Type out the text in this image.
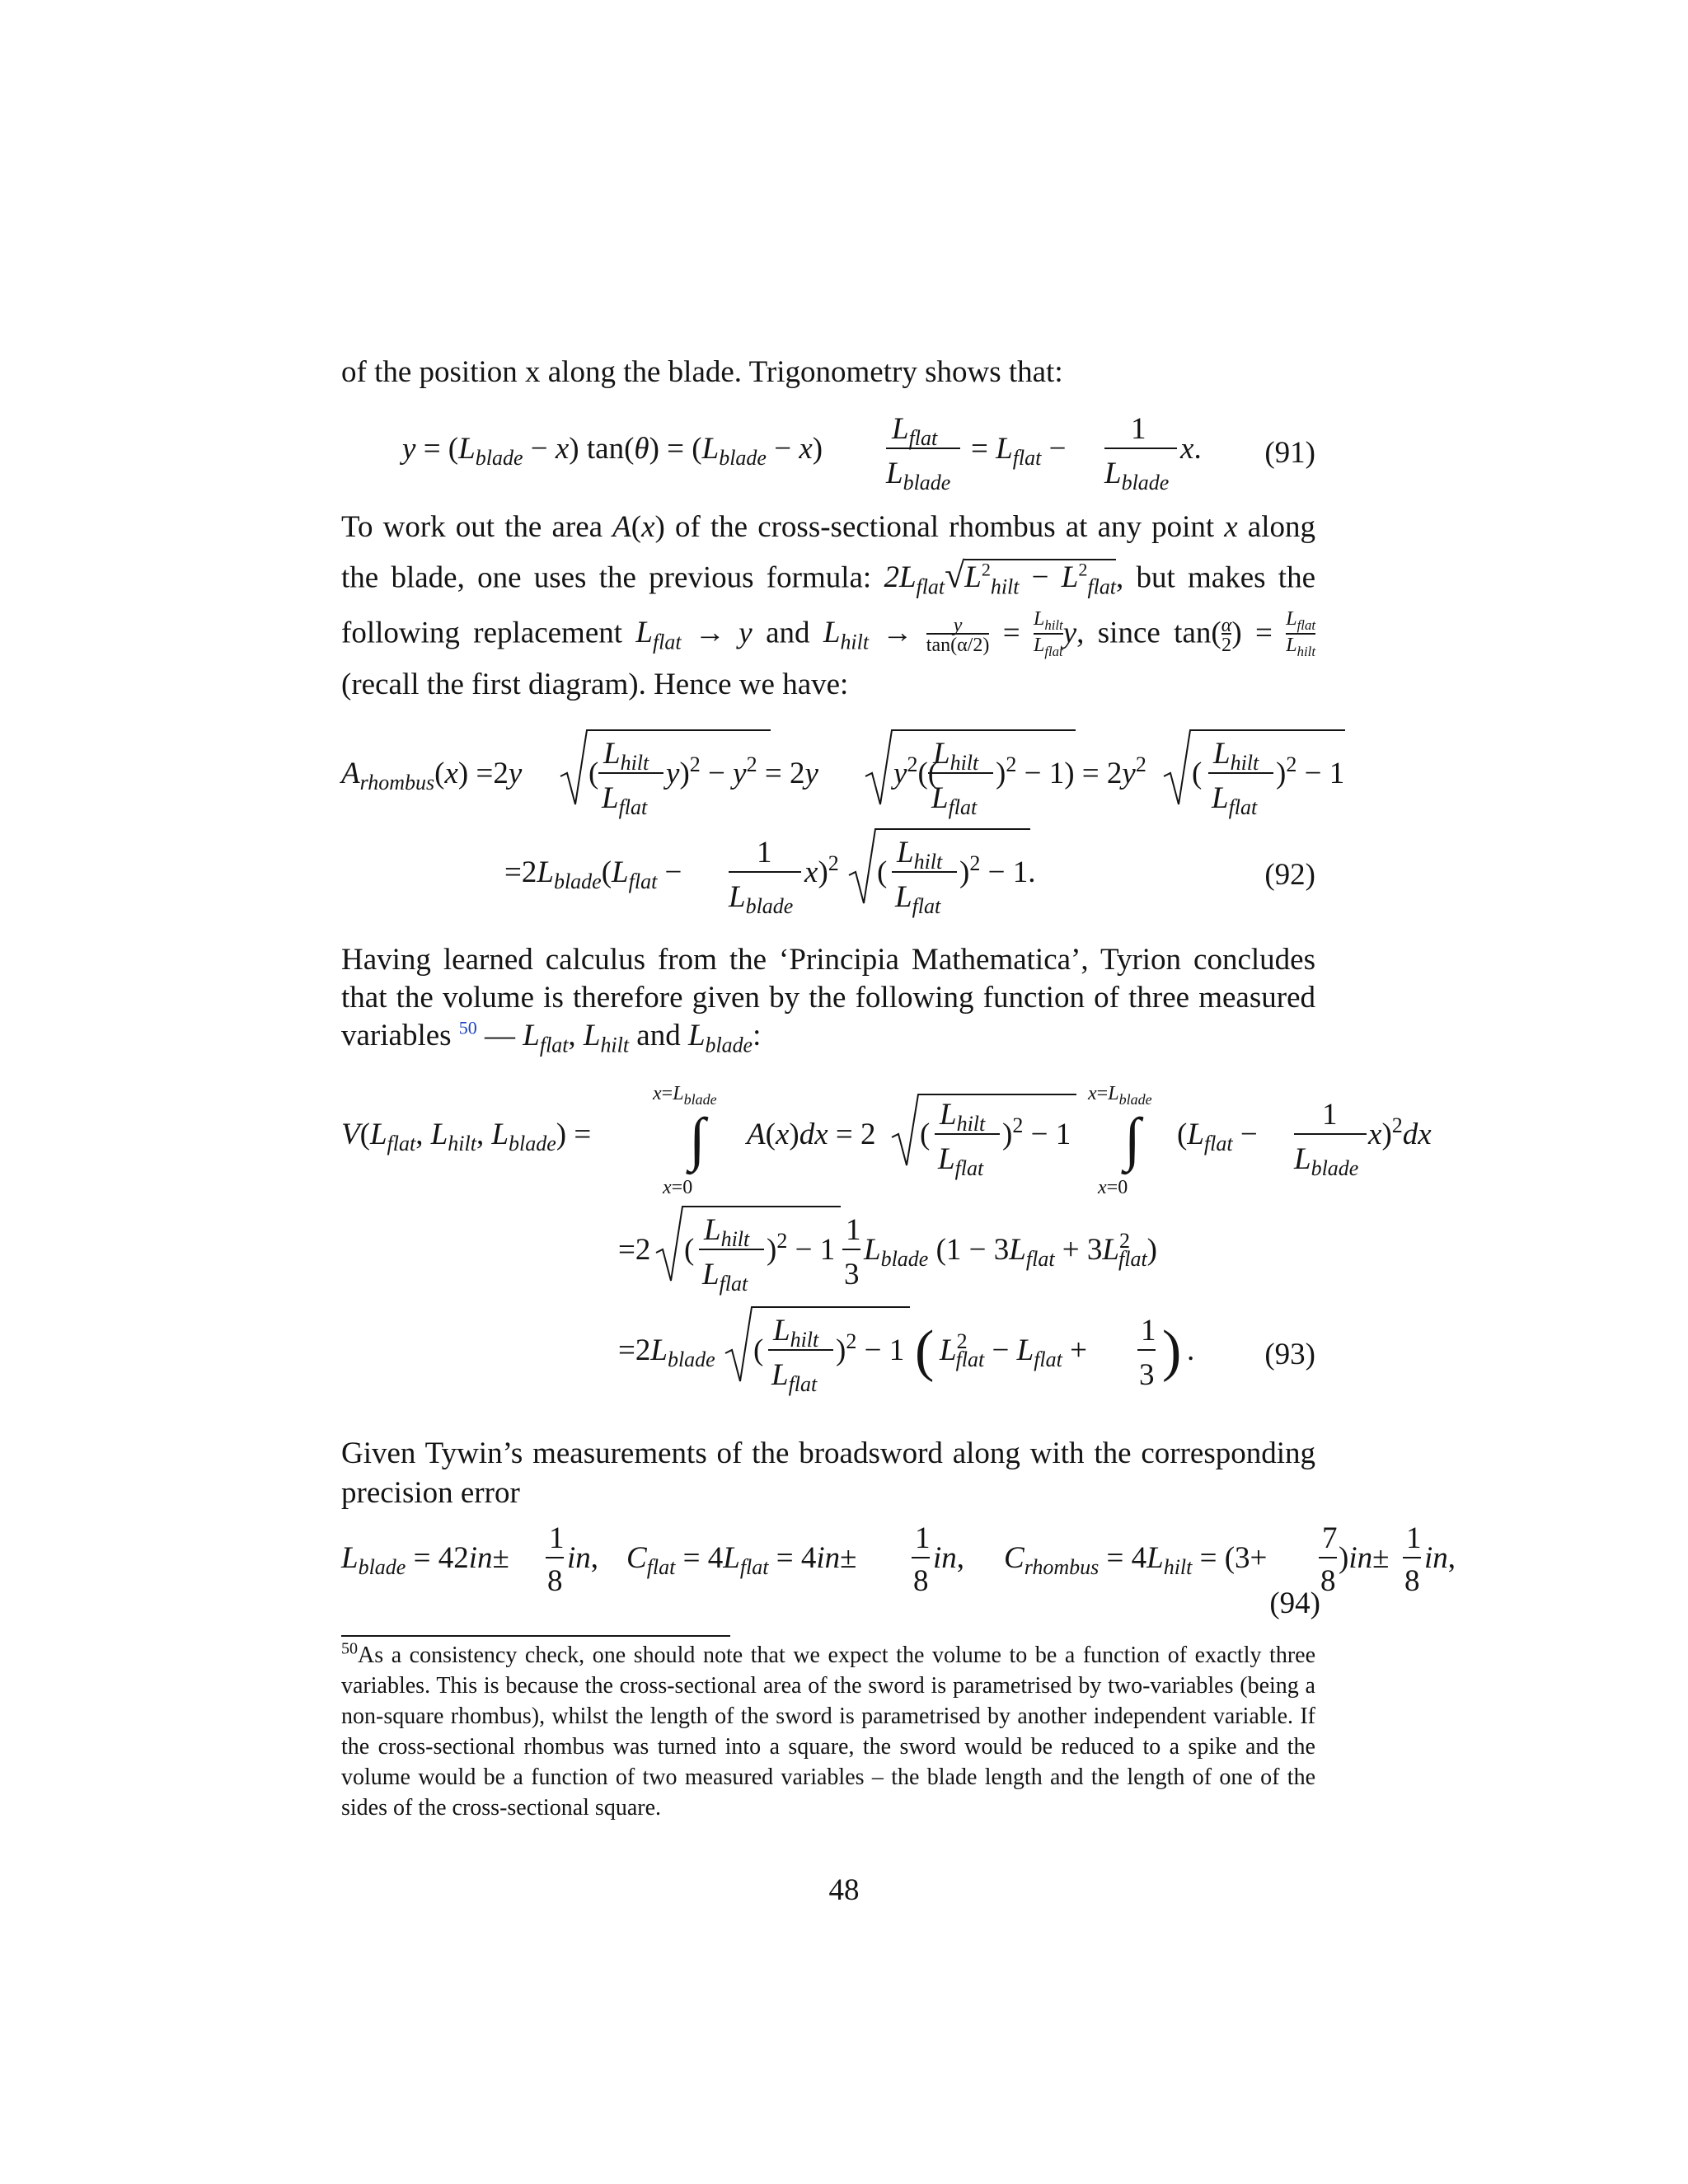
of the position x along the blade. Trigonometry shows that:
$y = (L_{blade} - x) \tan(\theta) = (L_{blade} - x)$
$L_{flat}$
$L_{blade}$
= $L_{flat}$ −
1
$L_{blade}$
x. (91)
To work out the area A(x) of the cross-sectional rhombus at any point x along the blade, one uses the previous formula: $2L_{flat}√L^2_{hilt} - L^2_{flat}$, but makes the following replacement $L_{flat} \to y$ and $L_{hilt} \to \frac{y}{\tan(\alpha/2)} = L_{hilt}$
$L_{flat}y$, since $\tan(\frac{\alpha}{2}) = L_{flat}$
$L_{hilt}$ (recall the first diagram). Hence we have:
$A_{rhombus}(x) =2y$ (
$L_{hilt}$
$L_{flat}$
$y)^2 - y^2 = 2y$ $y^2$((
$L_{hilt}$
$L_{flat}$
)$^2 - 1) = 2y^2$ (
$L_{hilt}$
$L_{flat}$
)$^2$ − 1
$=2L_{blade}(L_{flat}$ −
1
$L_{blade}$
x)$^2$ (
$L_{hilt}$
$L_{flat}$
)$^2$ − 1.	(92)
Having learned calculus from the ‘Principia Mathematica’, Tyrion concludes that the volume is therefore given by the following function of three measured variables $^{50}$ — $L_{flat}$, $L_{hilt}$ and $L_{blade}$:
$V(L_{flat}$, $L_{hilt}$, $L_{blade}$) =
$x=L_{blade}$
∫
x=0
A(x)dx = 2 (
$L_{hilt}$
$L_{flat}$
)$^2$ − 1
$x=L_{blade}$
∫
x=0
($L_{flat}$ −
1
$L_{blade}$
x)$^2$dx
=2 (
$L_{hilt}$
$L_{flat}$
)$^2$ − 1
1
3
$L_{blade}$ ($1 - 3L_{flat} + 3L^2$ flat)
$=2L_{blade}$ (
$L_{hilt}$
$L_{flat}$
)$^2$ − 1 ( $L^2$ flat − $L_{flat}$ +
1
3 ) . (93)
Given Tywin’s measurements of the broadsword along with the corresponding precision error
$L_{blade} = 42in\pm$
1
8
in, $C_{flat} = 4L_{flat} = 4in\pm$
1
8
in, $C_{rhombus} = 4L_{hilt} = (3+$
7
8
)in±
1
8
in,
(94)
$^{50}$As a consistency check, one should note that we expect the volume to be a function of exactly three variables. This is because the cross-sectional area of the sword is parametrised by two-variables (being a non-square rhombus), whilst the length of the sword is parametrised by another independent variable. If the cross-sectional rhombus was turned into a square, the sword would be reduced to a spike and the volume would be a function of two measured variables – the blade length and the length of one of the sides of the cross-sectional square.
48
